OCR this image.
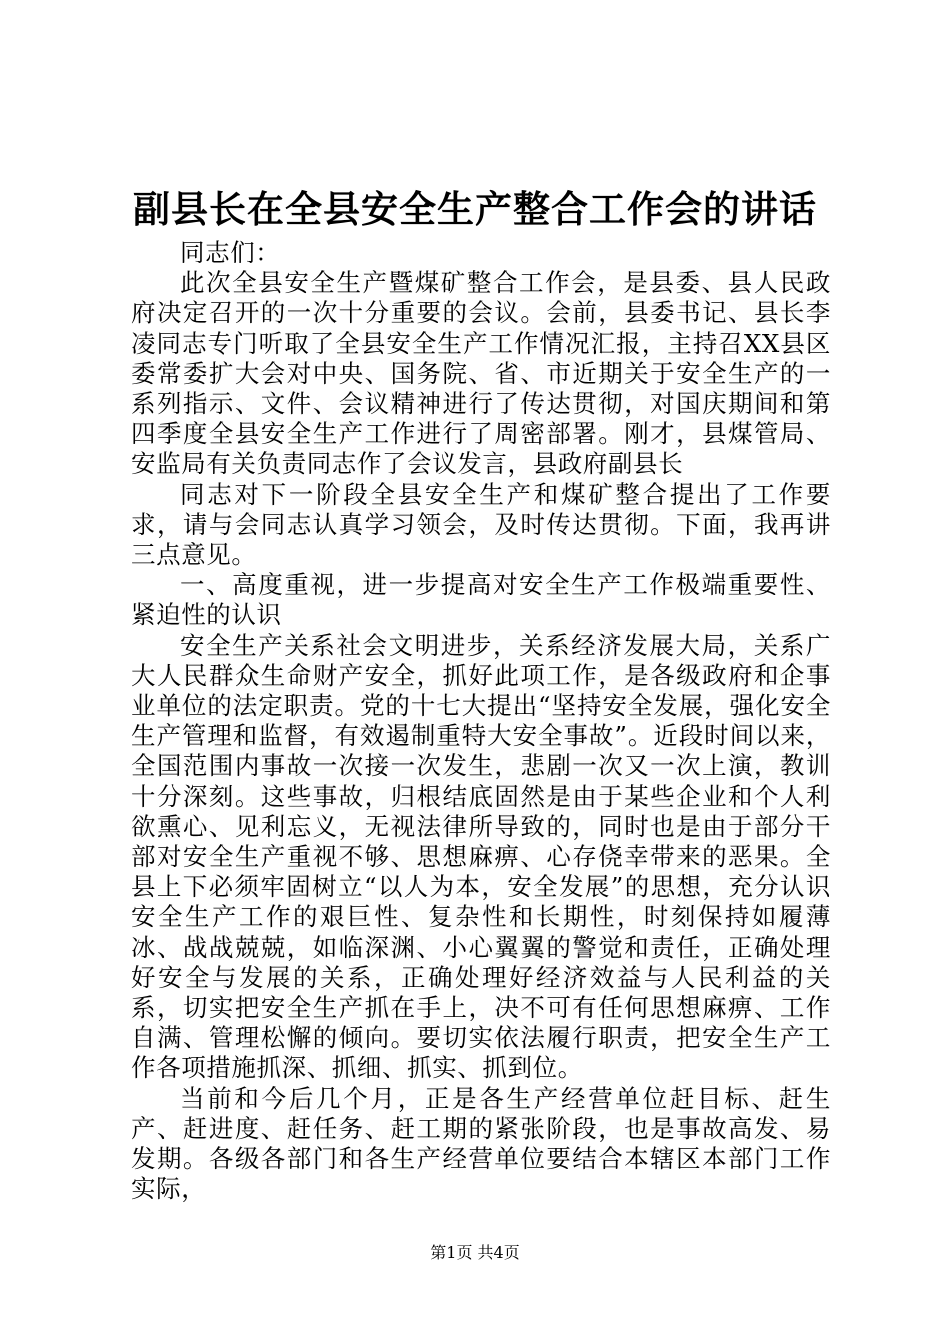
副县长在全县安全生产整合工作会的讲话

同志们：

此次全县安全生产暨煤矿整合工作会，是县委、县人民政府决定召开的一次十分重要的会议。会前，县委书记、县长李凌同志专门听取了全县安全生产工作情况汇报，主持召XX县区委常委扩大会对中央、国务院、省、市近期关于安全生产的一系列指示、文件、会议精神进行了传达贯彻，对国庆期间和第四季度全县安全生产工作进行了周密部署。刚才，县煤管局、安监局有关负责同志作了会议发言，县政府副县长

同志对下一阶段全县安全生产和煤矿整合提出了工作要求，请与会同志认真学习领会，及时传达贯彻。下面，我再讲三点意见。

一、高度重视，进一步提高对安全生产工作极端重要性、紧迫性的认识

安全生产关系社会文明进步，关系经济发展大局，关系广大人民群众生命财产安全，抓好此项工作，是各级政府和企事业单位的法定职责。党的十七大提出“坚持安全发展，强化安全生产管理和监督，有效遏制重特大安全事故”。近段时间以来，全国范围内事故一次接一次发生，悲剧一次又一次上演，教训十分深刻。这些事故，归根结底固然是由于某些企业和个人利欲熏心、见利忘义，无视法律所导致的，同时也是由于部分干部对安全生产重视不够、思想麻痹、心存侥幸带来的恶果。全县上下必须牢固树立“以人为本，安全发展”的思想，充分认识安全生产工作的艰巨性、复杂性和长期性，时刻保持如履薄冰、战战兢兢，如临深渊、小心翼翼的警觉和责任，正确处理好安全与发展的关系，正确处理好经济效益与人民利益的关系，切实把安全生产抓在手上，决不可有任何思想麻痹、工作自满、管理松懈的倾向。要切实依法履行职责，把安全生产工作各项措施抓深、抓细、抓实、抓到位。

当前和今后几个月，正是各生产经营单位赶目标、赶生产、赶进度、赶任务、赶工期的紧张阶段，也是事故高发、易发期。各级各部门和各生产经营单位要结合本辖区本部门工作实际，

第1页 共4页
